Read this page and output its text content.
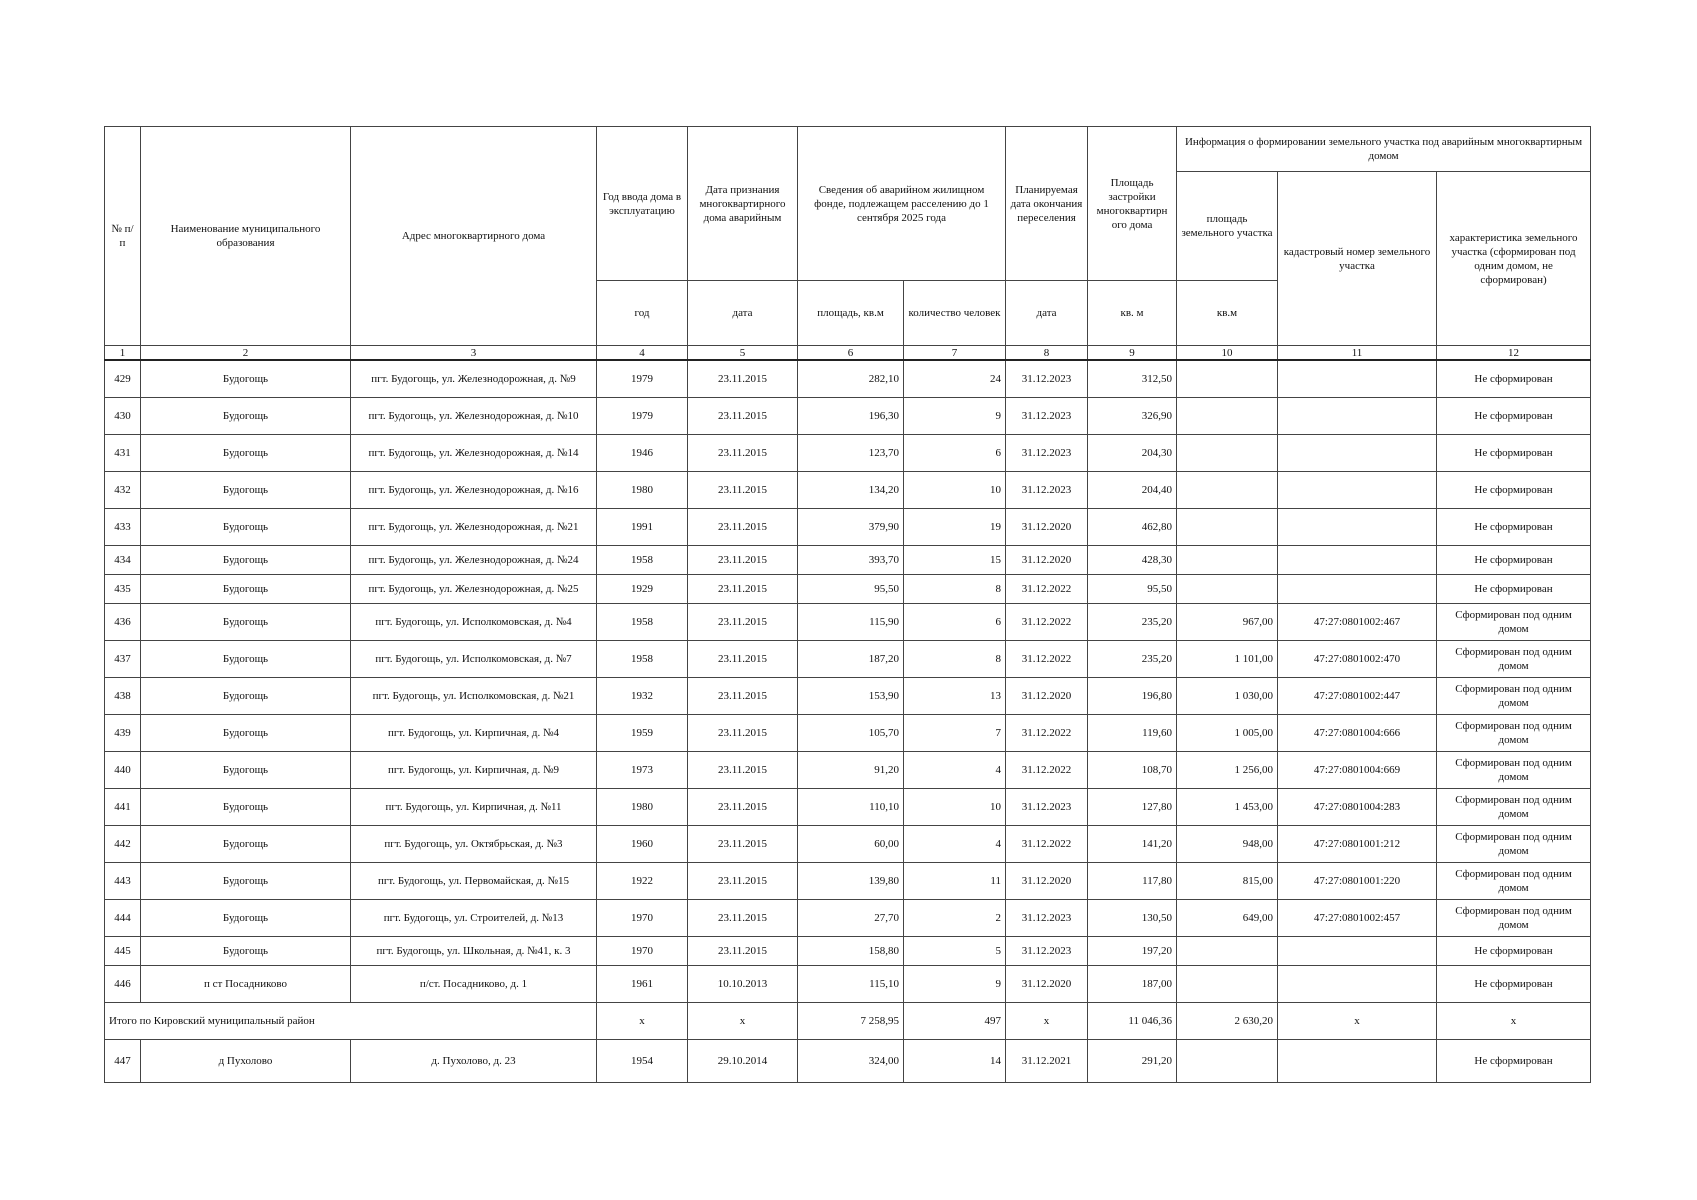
№ п/п	Наименование муниципального образования	Адрес многоквартирного дома	Год ввода дома в эксплуатацию	Дата признания многоквартирного дома аварийным	Сведения об аварийном жилищном фонде, подлежащем расселению до 1 сентября 2025 года		Планируемая дата окончания переселения	Площадь застройки многоквартирн ого дома	Информация о формировании земельного участка под аварийным многоквартирным домом		
									площадь земельного участка	кадастровый номер земельного участка	характеристика земельного участка (сформирован под одним домом, не сформирован)
			год	дата	площадь, кв.м	количество человек	дата	кв. м	кв.м		
1	2	3	4	5	6	7	8	9	10	11	12
429	Будогощь	пгт. Будогощь, ул. Железнодорожная, д. №9	1979	23.11.2015	282,10	24	31.12.2023	312,50			Не сформирован
430	Будогощь	пгт. Будогощь, ул. Железнодорожная, д. №10	1979	23.11.2015	196,30	9	31.12.2023	326,90			Не сформирован
431	Будогощь	пгт. Будогощь, ул. Железнодорожная, д. №14	1946	23.11.2015	123,70	6	31.12.2023	204,30			Не сформирован
432	Будогощь	пгт. Будогощь, ул. Железнодорожная, д. №16	1980	23.11.2015	134,20	10	31.12.2023	204,40			Не сформирован
433	Будогощь	пгт. Будогощь, ул. Железнодорожная, д. №21	1991	23.11.2015	379,90	19	31.12.2020	462,80			Не сформирован
434	Будогощь	пгт. Будогощь, ул. Железнодорожная, д. №24	1958	23.11.2015	393,70	15	31.12.2020	428,30			Не сформирован
435	Будогощь	пгт. Будогощь, ул. Железнодорожная, д. №25	1929	23.11.2015	95,50	8	31.12.2022	95,50			Не сформирован
436	Будогощь	пгт. Будогощь, ул. Исполкомовская, д. №4	1958	23.11.2015	115,90	6	31.12.2022	235,20	967,00	47:27:0801002:467	Сформирован под одним домом
437	Будогощь	пгт. Будогощь, ул. Исполкомовская, д. №7	1958	23.11.2015	187,20	8	31.12.2022	235,20	1 101,00	47:27:0801002:470	Сформирован под одним домом
438	Будогощь	пгт. Будогощь, ул. Исполкомовская, д. №21	1932	23.11.2015	153,90	13	31.12.2020	196,80	1 030,00	47:27:0801002:447	Сформирован под одним домом
439	Будогощь	пгт. Будогощь, ул. Кирпичная, д. №4	1959	23.11.2015	105,70	7	31.12.2022	119,60	1 005,00	47:27:0801004:666	Сформирован под одним домом
440	Будогощь	пгт. Будогощь, ул. Кирпичная, д. №9	1973	23.11.2015	91,20	4	31.12.2022	108,70	1 256,00	47:27:0801004:669	Сформирован под одним домом
441	Будогощь	пгт. Будогощь, ул. Кирпичная, д. №11	1980	23.11.2015	110,10	10	31.12.2023	127,80	1 453,00	47:27:0801004:283	Сформирован под одним домом
442	Будогощь	пгт. Будогощь, ул. Октябрьская, д. №3	1960	23.11.2015	60,00	4	31.12.2022	141,20	948,00	47:27:0801001:212	Сформирован под одним домом
443	Будогощь	пгт. Будогощь, ул. Первомайская, д. №15	1922	23.11.2015	139,80	11	31.12.2020	117,80	815,00	47:27:0801001:220	Сформирован под одним домом
444	Будогощь	пгт. Будогощь, ул. Строителей, д. №13	1970	23.11.2015	27,70	2	31.12.2023	130,50	649,00	47:27:0801002:457	Сформирован под одним домом
445	Будогощь	пгт. Будогощь, ул. Школьная, д. №41, к. 3	1970	23.11.2015	158,80	5	31.12.2023	197,20			Не сформирован
446	п ст Посадниково	п/ст. Посадниково, д. 1	1961	10.10.2013	115,10	9	31.12.2020	187,00			Не сформирован
Итого по Кировский муниципальный район			x	x	7 258,95	497	x	11 046,36	2 630,20	x	x
447	д Пухолово	д. Пухолово, д. 23	1954	29.10.2014	324,00	14	31.12.2021	291,20			Не сформирован
